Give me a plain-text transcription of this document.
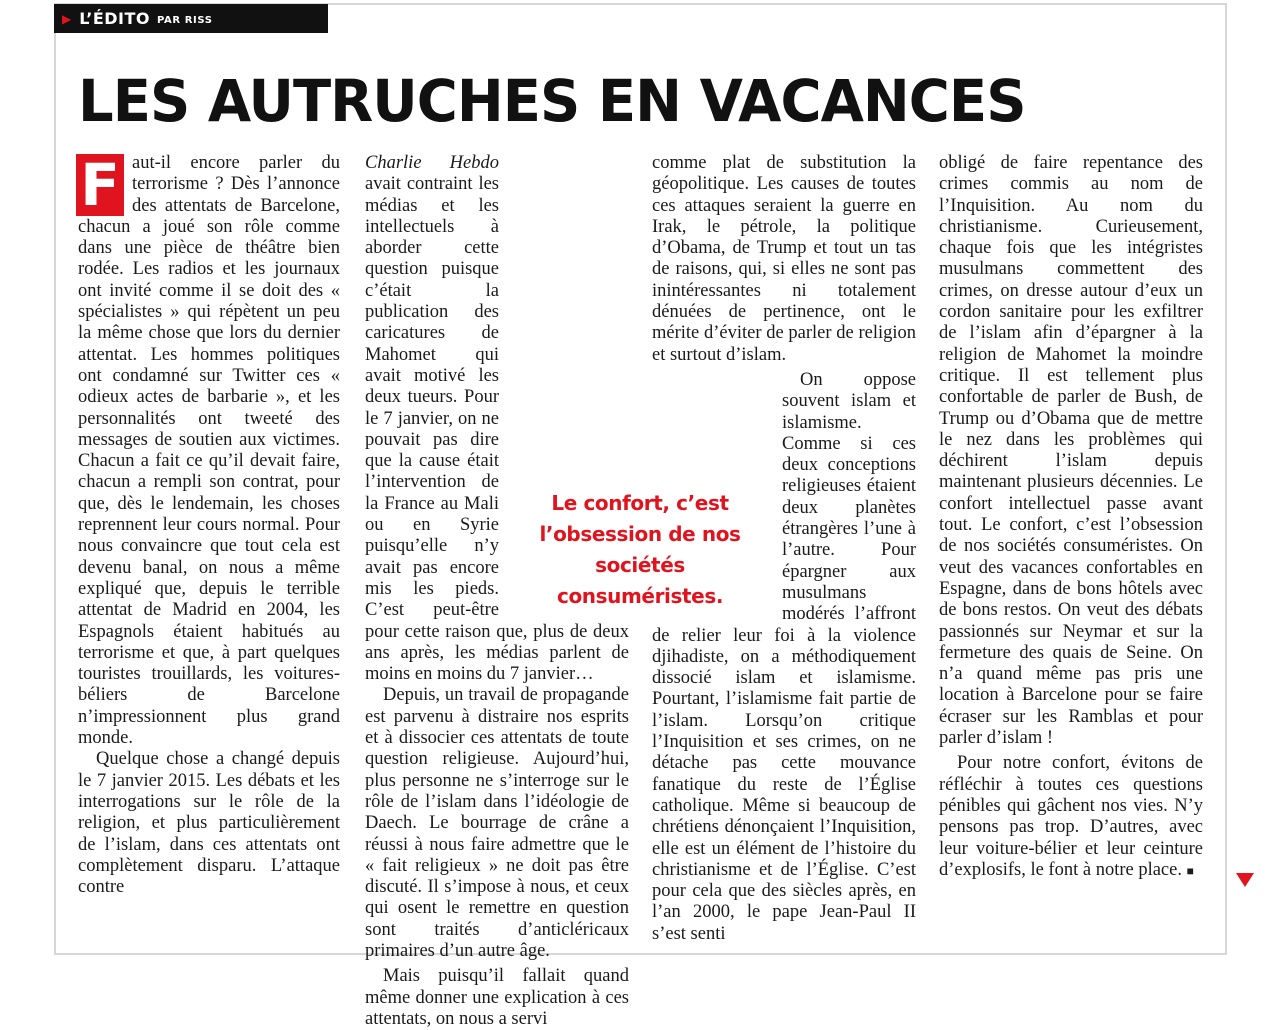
▶ L’ÉDITO PAR RISS
LES AUTRUCHES EN VACANCES

F aut-il encore parler du terrorisme ? Dès l’annonce des attentats de Barcelone, chacun a joué son rôle comme dans une pièce de théâtre bien rodée. Les radios et les journaux ont invité comme il se doit des « spécialistes » qui répètent un peu la même chose que lors du dernier attentat. Les hommes politiques ont condamné sur Twitter ces « odieux actes de barbarie », et les personnalités ont tweeté des messages de soutien aux victimes. Chacun a fait ce qu’il devait faire, chacun a rempli son contrat, pour que, dès le lendemain, les choses reprennent leur cours normal. Pour nous convaincre que tout cela est devenu banal, on nous a même expliqué que, depuis le terrible attentat de Madrid en 2004, les Espagnols étaient habitués au terrorisme et que, à part quelques touristes trouillards, les voitures-béliers de Barcelone n’impressionnent plus grand monde.

Quelque chose a changé depuis le 7 janvier 2015. Les débats et les interrogations sur le rôle de la religion, et plus particulièrement de l’islam, dans ces attentats ont complètement disparu. L’attaque contre

Charlie Hebdo avait contraint les médias et les intellectuels à aborder cette question puisque c’était la publication des caricatures de Mahomet qui avait motivé les deux tueurs. Pour le 7 janvier, on ne pouvait pas dire que la cause était l’intervention de la France au Mali ou en Syrie puisqu’elle n’y avait pas encore mis les pieds. C’est peut-être pour cette raison que, plus de deux ans après, les médias parlent de moins en moins du 7 janvier…

Depuis, un travail de propagande est parvenu à distraire nos esprits et à dissocier ces attentats de toute question religieuse. Aujourd’hui, plus personne ne s’interroge sur le rôle de l’islam dans l’idéologie de Daech. Le bourrage de crâne a réussi à nous faire admettre que le « fait religieux » ne doit pas être discuté. Il s’impose à nous, et ceux qui osent le remettre en question sont traités d’anticléricaux primaires d’un autre âge.

Mais puisqu’il fallait quand même donner une explication à ces attentats, on nous a servi

comme plat de substitution la géopolitique. Les causes de toutes ces attaques seraient la guerre en Irak, le pétrole, la politique d’Obama, de Trump et tout un tas de raisons, qui, si elles ne sont pas inintéressantes ni totalement dénuées de pertinence, ont le mérite d’éviter de parler de religion et surtout d’islam.

On oppose souvent islam et islamisme. Comme si ces deux conceptions religieuses étaient deux planètes étrangères l’une à l’autre. Pour épargner aux musulmans modérés l’affront de relier leur foi à la violence djihadiste, on a méthodiquement dissocié islam et islamisme. Pourtant, l’islamisme fait partie de l’islam. Lorsqu’on critique l’Inquisition et ses crimes, on ne détache pas cette mouvance fanatique du reste de l’Église catholique. Même si beaucoup de chrétiens dénonçaient l’Inquisition, elle est un élément de l’histoire du christianisme et de l’Église. C’est pour cela que des siècles après, en l’an 2000, le pape Jean-Paul II s’est senti

obligé de faire repentance des crimes commis au nom de l’Inquisition. Au nom du christianisme. Curieusement, chaque fois que les intégristes musulmans commettent des crimes, on dresse autour d’eux un cordon sanitaire pour les exfiltrer de l’islam afin d’épargner à la religion de Mahomet la moindre critique. Il est tellement plus confortable de parler de Bush, de Trump ou d’Obama que de mettre le nez dans les problèmes qui déchirent l’islam depuis maintenant plusieurs décennies. Le confort intellectuel passe avant tout. Le confort, c’est l’obsession de nos sociétés consuméristes. On veut des vacances confortables en Espagne, dans de bons hôtels avec de bons restos. On veut des débats passionnés sur Neymar et sur la fermeture des quais de Seine. On n’a quand même pas pris une location à Barcelone pour se faire écraser sur les Ramblas et pour parler d’islam !

Pour notre confort, évitons de réfléchir à toutes ces questions pénibles qui gâchent nos vies. N’y pensons pas trop. D’autres, avec leur voiture-bélier et leur ceinture d’explosifs, le font à notre place. ■

Le confort, c’est l’obsession de nos sociétés consuméristes.
